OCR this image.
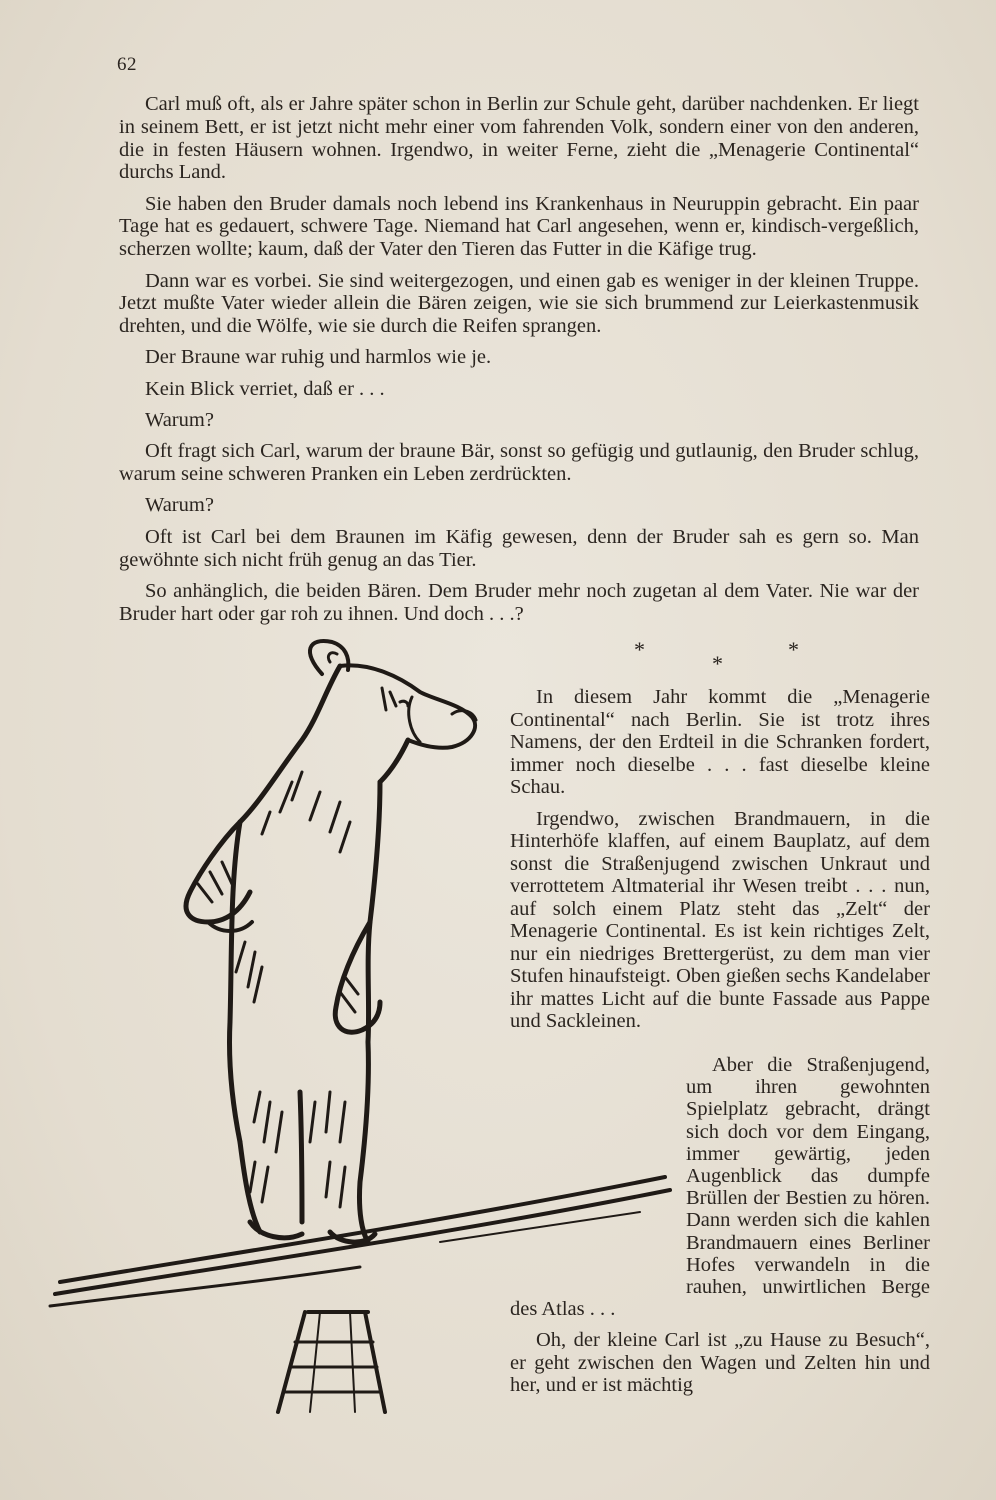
62

Carl muß oft, als er Jahre später schon in Berlin zur Schule geht, darüber nachdenken. Er liegt in seinem Bett, er ist jetzt nicht mehr einer vom fahrenden Volk, sondern einer von den anderen, die in festen Häusern wohnen. Irgendwo, in weiter Ferne, zieht die „Menagerie Continental“ durchs Land.

Sie haben den Bruder damals noch lebend ins Krankenhaus in Neuruppin gebracht. Ein paar Tage hat es gedauert, schwere Tage. Niemand hat Carl angesehen, wenn er, kindisch-vergeßlich, scherzen wollte; kaum, daß der Vater den Tieren das Futter in die Käfige trug.

Dann war es vorbei. Sie sind weitergezogen, und einen gab es weniger in der kleinen Truppe. Jetzt mußte Vater wieder allein die Bären zeigen, wie sie sich brummend zur Leierkastenmusik drehten, und die Wölfe, wie sie durch die Reifen sprangen.

Der Braune war ruhig und harmlos wie je.

Kein Blick verriet, daß er . . .

Warum?

Oft fragt sich Carl, warum der braune Bär, sonst so gefügig und gutlaunig, den Bruder schlug, warum seine schweren Pranken ein Leben zerdrückten.

Warum?

Oft ist Carl bei dem Braunen im Käfig gewesen, denn der Bruder sah es gern so. Man gewöhnte sich nicht früh genug an das Tier.

So anhänglich, die beiden Bären. Dem Bruder mehr noch zugetan al dem Vater. Nie war der Bruder hart oder gar roh zu ihnen. Und doch . . .?

*
*
*

In diesem Jahr kommt die „Menagerie Continental“ nach Berlin. Sie ist trotz ihres Namens, der den Erdteil in die Schranken fordert, immer noch dieselbe . . . fast dieselbe kleine Schau.

Irgendwo, zwischen Brandmauern, in die Hinterhöfe klaffen, auf einem Bauplatz, auf dem sonst die Straßenjugend zwischen Unkraut und verrottetem Altmaterial ihr Wesen treibt . . . nun, auf solch einem Platz steht das „Zelt“ der Menagerie Continental. Es ist kein richtiges Zelt, nur ein niedriges Brettergerüst, zu dem man vier Stufen hinaufsteigt. Oben gießen sechs Kandelaber ihr mattes Licht auf die bunte Fassade aus Pappe und Sackleinen.

Aber die Straßenjugend, um ihren gewohnten Spielplatz gebracht, drängt sich doch vor dem Eingang, immer gewärtig, jeden Augenblick das dumpfe Brüllen der Bestien zu hören. Dann werden sich die kahlen Brandmauern eines Berliner Hofes verwandeln in die rauhen, unwirtlichen Berge des Atlas . . .

Oh, der kleine Carl ist „zu Hause zu Besuch“, er geht zwischen den Wagen und Zelten hin und her, und er ist mächtig
